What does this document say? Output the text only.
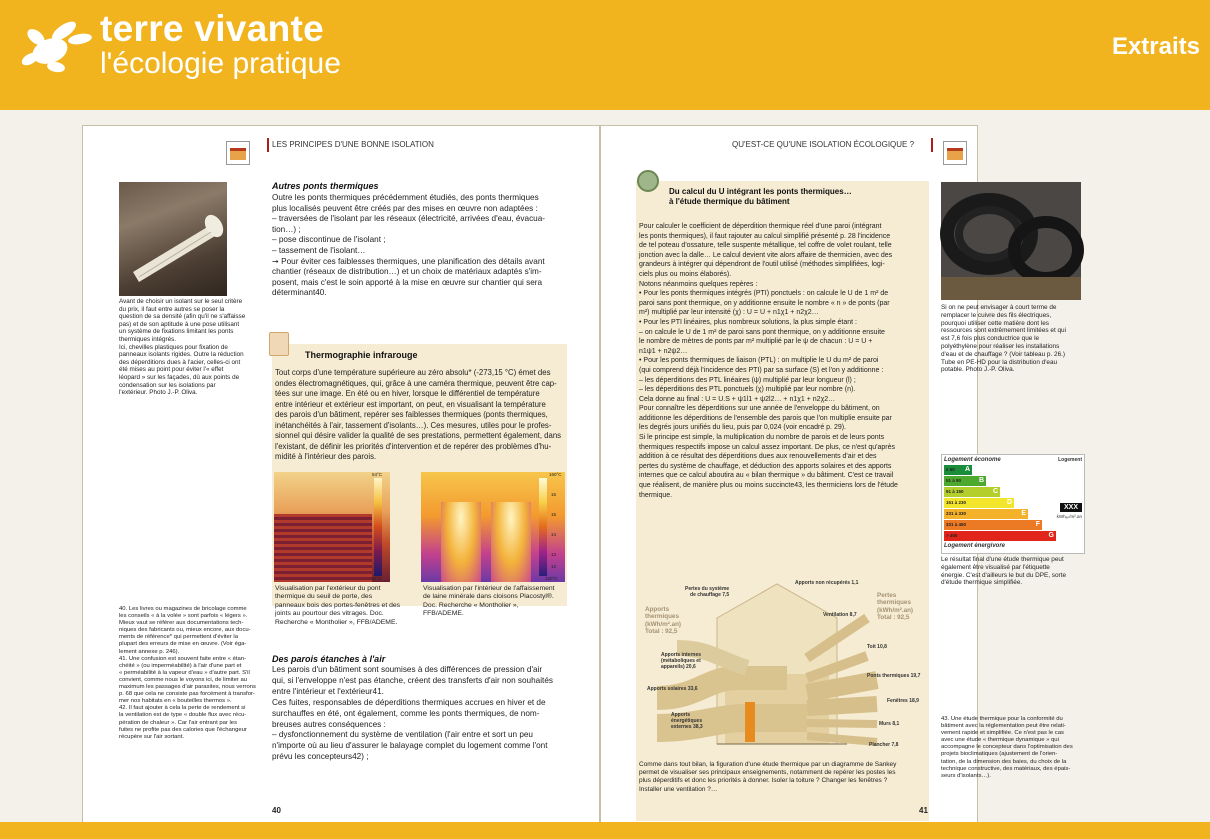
terre vivante
l'écologie pratique
Extraits
LES PRINCIPES D'UNE BONNE ISOLATION
Avant de choisir un isolant sur le seul critère
du prix, il faut entre autres se poser la
question de sa densité (afin qu'il ne s'affaisse
pas) et de son aptitude à une pose utilisant
un système de fixations limitant les ponts
thermiques intégrés.
Ici, chevilles plastiques pour fixation de
panneaux isolants rigides. Outre la réduction
des déperditions dues à l'acier, celles-ci ont
été mises au point pour éviter l'« effet
léopard » sur les façades, dû aux points de
condensation sur les isolations par
l'extérieur. Photo J.-P. Oliva.
40. Les livres ou magazines de bricolage comme
les conseils « à la volée » sont parfois « légers ».
Mieux vaut se référer aux documentations tech-
niques des fabricants ou, mieux encore, aux docu-
ments de référence* qui permettent d'éviter la
plupart des erreurs de mise en œuvre. (Voir éga-
lement annexe p. 246).
41. Une confusion est souvent faite entre « étan-
chéité » (ou imperméabilité) à l'air d'une part et
« perméabilité à la vapeur d'eau » d'autre part. S'il
convient, comme nous le voyons ici, de limiter au
maximum les passages d'air parasites, nous verrons
p. 68 que cela ne consiste pas forcément à transfor-
mer nos habitats en « bouteilles thermos ».
42. Il faut ajouter à cela la perte de rendement si
la ventilation est de type « double flux avec récu-
pération de chaleur ». Car l'air entrant par les
fuites ne profite pas des calories que l'échangeur
récupère sur l'air sortant.
Autres ponts thermiques
Outre les ponts thermiques précédemment étudiés, des ponts thermiques
plus localisés peuvent être créés par des mises en œuvre non adaptées :
– traversées de l'isolant par les réseaux (électricité, arrivées d'eau, évacua-
tion…) ;
– pose discontinue de l'isolant ;
– tassement de l'isolant…
➞ Pour éviter ces faiblesses thermiques, une planification des détails avant
chantier (réseaux de distribution…) et un choix de matériaux adaptés s'im-
posent, mais c'est le soin apporté à la mise en œuvre sur chantier qui sera
déterminant40.
Thermographie infrarouge
Tout corps d'une température supérieure au zéro absolu* (-273,15 °C) émet des
ondes électromagnétiques, qui, grâce à une caméra thermique, peuvent être cap-
tées sur une image. En été ou en hiver, lorsque le différentiel de température
entre intérieur et extérieur est important, on peut, en visualisant la température
des parois d'un bâtiment, repérer ses faiblesses thermiques (ponts thermiques,
inétanchéités à l'air, tassement d'isolants…). Ces mesures, utiles pour le profes-
sionnel qui désire valider la qualité de ses prestations, permettent également, dans
l'existant, de définir les priorités d'intervention et de repérer des problèmes d'hu-
midité à l'intérieur des parois.
54°C
-42°C
Visualisation par l'extérieur du pont
thermique du seuil de porte, des
panneaux bois des portes-fenêtres et des
joints au pourtour des vitrages. Doc.
Recherche « Montholier », FFB/ADEME.
160°C
16
15
14
13
12
120°C
Visualisation par l'intérieur de l'affaissement
de laine minérale dans cloisons Placostyl®.
Doc. Recherche « Montholier »,
FFB/ADEME.
Des parois étanches à l'air
Les parois d'un bâtiment sont soumises à des différences de pression d'air
qui, si l'enveloppe n'est pas étanche, créent des transferts d'air non souhaités
entre l'intérieur et l'extérieur41.
Ces fuites, responsables de déperditions thermiques accrues en hiver et de
surchauffes en été, ont également, comme les ponts thermiques, de nom-
breuses autres conséquences :
– dysfonctionnement du système de ventilation (l'air entre et sort un peu
n'importe où au lieu d'assurer le balayage complet du logement comme l'ont
prévu les concepteurs42) ;
40
QU'EST-CE QU'UNE ISOLATION ÉCOLOGIQUE ?
Du calcul du U intégrant les ponts thermiques…
à l'étude thermique du bâtiment
Pour calculer le coefficient de déperdition thermique réel d'une paroi (intégrant
les ponts thermiques), il faut rajouter au calcul simplifié présenté p. 28 l'incidence
de tel poteau d'ossature, telle suspente métallique, tel coffre de volet roulant, telle
jonction avec la dalle… Le calcul devient vite alors affaire de thermicien, avec des
grandeurs à intégrer qui dépendront de l'outil utilisé (méthodes simplifiées, logi-
ciels plus ou moins élaborés).
Notons néanmoins quelques repères :
• Pour les ponts thermiques intégrés (PTI) ponctuels : on calcule le U de 1 m² de
paroi sans pont thermique, on y additionne ensuite le nombre « n » de ponts (par
m²) multiplié par leur intensité (χ) : U = U + n1χ1 + n2χ2…
• Pour les PTI linéaires, plus nombreux solutions, la plus simple étant :
– on calcule le U de 1 m² de paroi sans pont thermique, on y additionne ensuite
le nombre de mètres de ponts par m² multiplié par le ψ de chacun : U = U +
n1ψ1 + n2ψ2…
• Pour les ponts thermiques de liaison (PTL) : on multiplie le U du m² de paroi
(qui comprend déjà l'incidence des PTI) par sa surface (S) et l'on y additionne :
– les déperditions des PTL linéaires (ψ) multiplié par leur longueur (l) ;
– les déperditions des PTL ponctuels (χ) multiplié par leur nombre (n).
Cela donne au final : U = U.S + ψ1l1 + ψ2l2… + n1χ1 + n2χ2…
Pour connaître les déperditions sur une année de l'enveloppe du bâtiment, on
additionne les déperditions de l'ensemble des parois que l'on multiplie ensuite par
les degrés jours unifiés du lieu, puis par 0,024 (voir encadré p. 29).
Si le principe est simple, la multiplication du nombre de parois et de leurs ponts
thermiques respectifs impose un calcul assez important. De plus, ce n'est qu'après
addition à ce résultat des déperditions dues aux renouvellements d'air et des
pertes du système de chauffage, et déduction des apports solaires et des apports
internes que ce calcul aboutira au « bilan thermique » du bâtiment. C'est ce travail
que réalisent, de manière plus ou moins succincte43, les thermiciens lors de l'étude
thermique.
Apports
thermiques
(kWh/m².an)
Total : 92,5
Pertes
thermiques
(kWh/m².an)
Total : 92,5
Pertes du système
de chauffage 7,5
Apports internes
(métaboliques et
appareils) 20,6
Apports solaires 33,6
Apports
énergétiques
externes 38,3
Apports non récupérés 1,1
Ventilation 8,7
Toit 10,8
Ponts thermiques 19,7
Fenêtres 18,9
Murs 8,1
Plancher 7,8
Comme dans tout bilan, la figuration d'une étude thermique par un diagramme de Sankey
permet de visualiser ses principaux enseignements, notamment de repérer les postes les
plus déperditifs et donc les priorités à donner. Isoler la toiture ? Changer les fenêtres ?
Installer une ventilation ?…
Si on ne peut envisager à court terme de
remplacer le cuivre des fils électriques,
pourquoi utiliser cette matière dont les
ressources sont extrêmement limitées et qui
est 7,6 fois plus conductrice que le
polyéthylène pour réaliser les installations
d'eau et de chauffage ? (Voir tableau p. 26.)
Tube en PE-HD pour la distribution d'eau
potable. Photo J.-P. Oliva.
Logement économe	Logement
≤ 50 A
51 à 90	B
91 à 150	C
151 à 230	D
231 à 330	E
331 à 450	F
> 450	G
XXX
kWhₑₚ/m².an
Logement énergivore
Le résultat final d'une étude thermique peut
également être visualisé par l'étiquette
énergie. C'est d'ailleurs le but du DPE, sorte
d'étude thermique simplifiée.
43. Une étude thermique pour la conformité du
bâtiment avec la réglementation peut être relati-
vement rapide et simplifiée. Ce n'est pas le cas
avec une étude « thermique dynamique » qui
accompagne le concepteur dans l'optimisation des
projets bioclimatiques (ajustement de l'orien-
tation, de la dimension des baies, du choix de la
technique constructive, des matériaux, des épais-
seurs d'isolants…).
41
